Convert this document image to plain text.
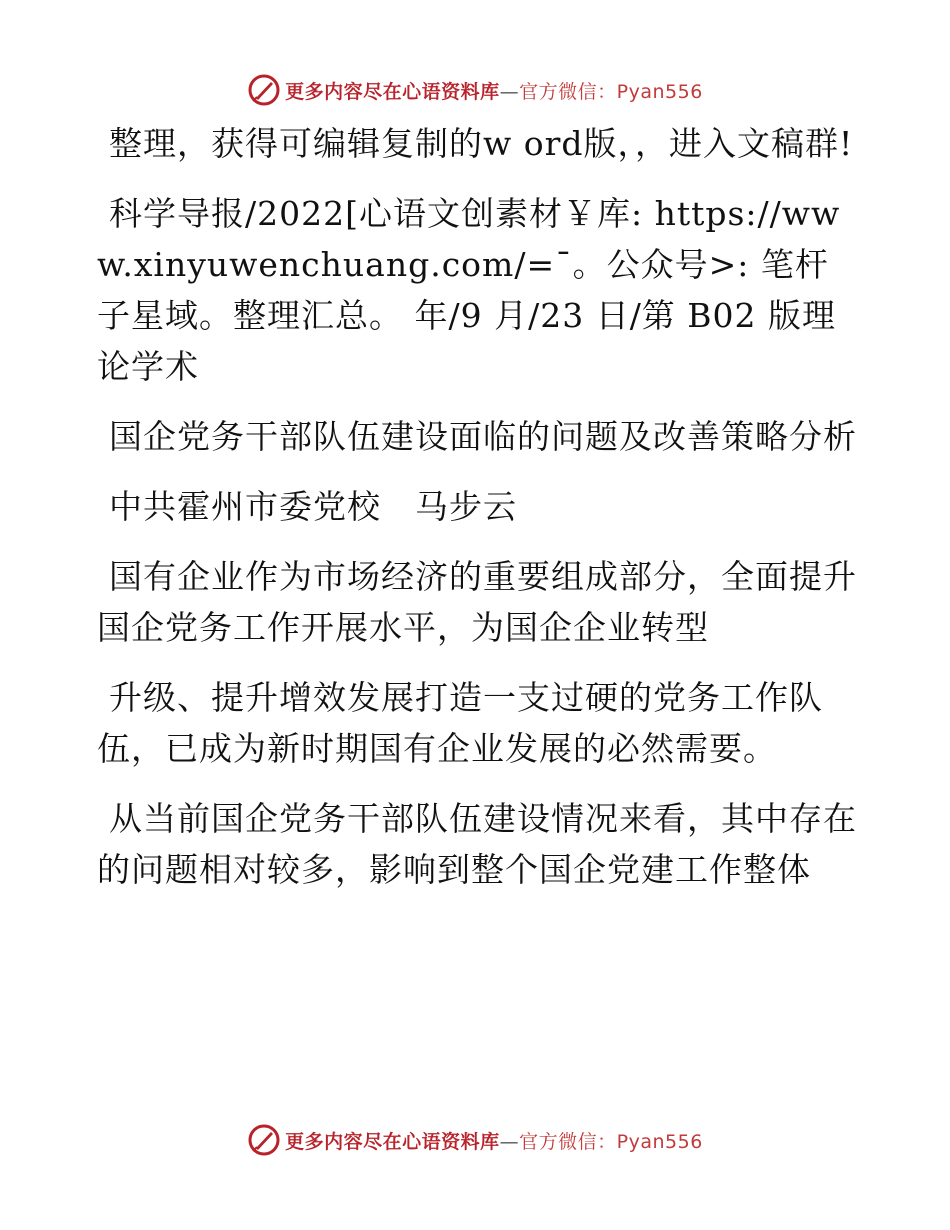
更多内容尽在心语资料库—官方微信：Pyan556

整理，获得可编辑复制的w ord版，，进入文稿群!

科学导报/2022[心语文创素材￥库: https://www.xinyuwenchuang.com/=¯。公众号>: 笔杆子星域。整理汇总。 年/9 月/23 日/第 B02 版理论学术

国企党务干部队伍建设面临的问题及改善策略分析

中共霍州市委党校　马步云

国有企业作为市场经济的重要组成部分，全面提升国企党务工作开展水平，为国企企业转型

升级、提升增效发展打造一支过硬的党务工作队伍，已成为新时期国有企业发展的必然需要。

从当前国企党务干部队伍建设情况来看，其中存在的问题相对较多，影响到整个国企党建工作整体

更多内容尽在心语资料库—官方微信：Pyan556
